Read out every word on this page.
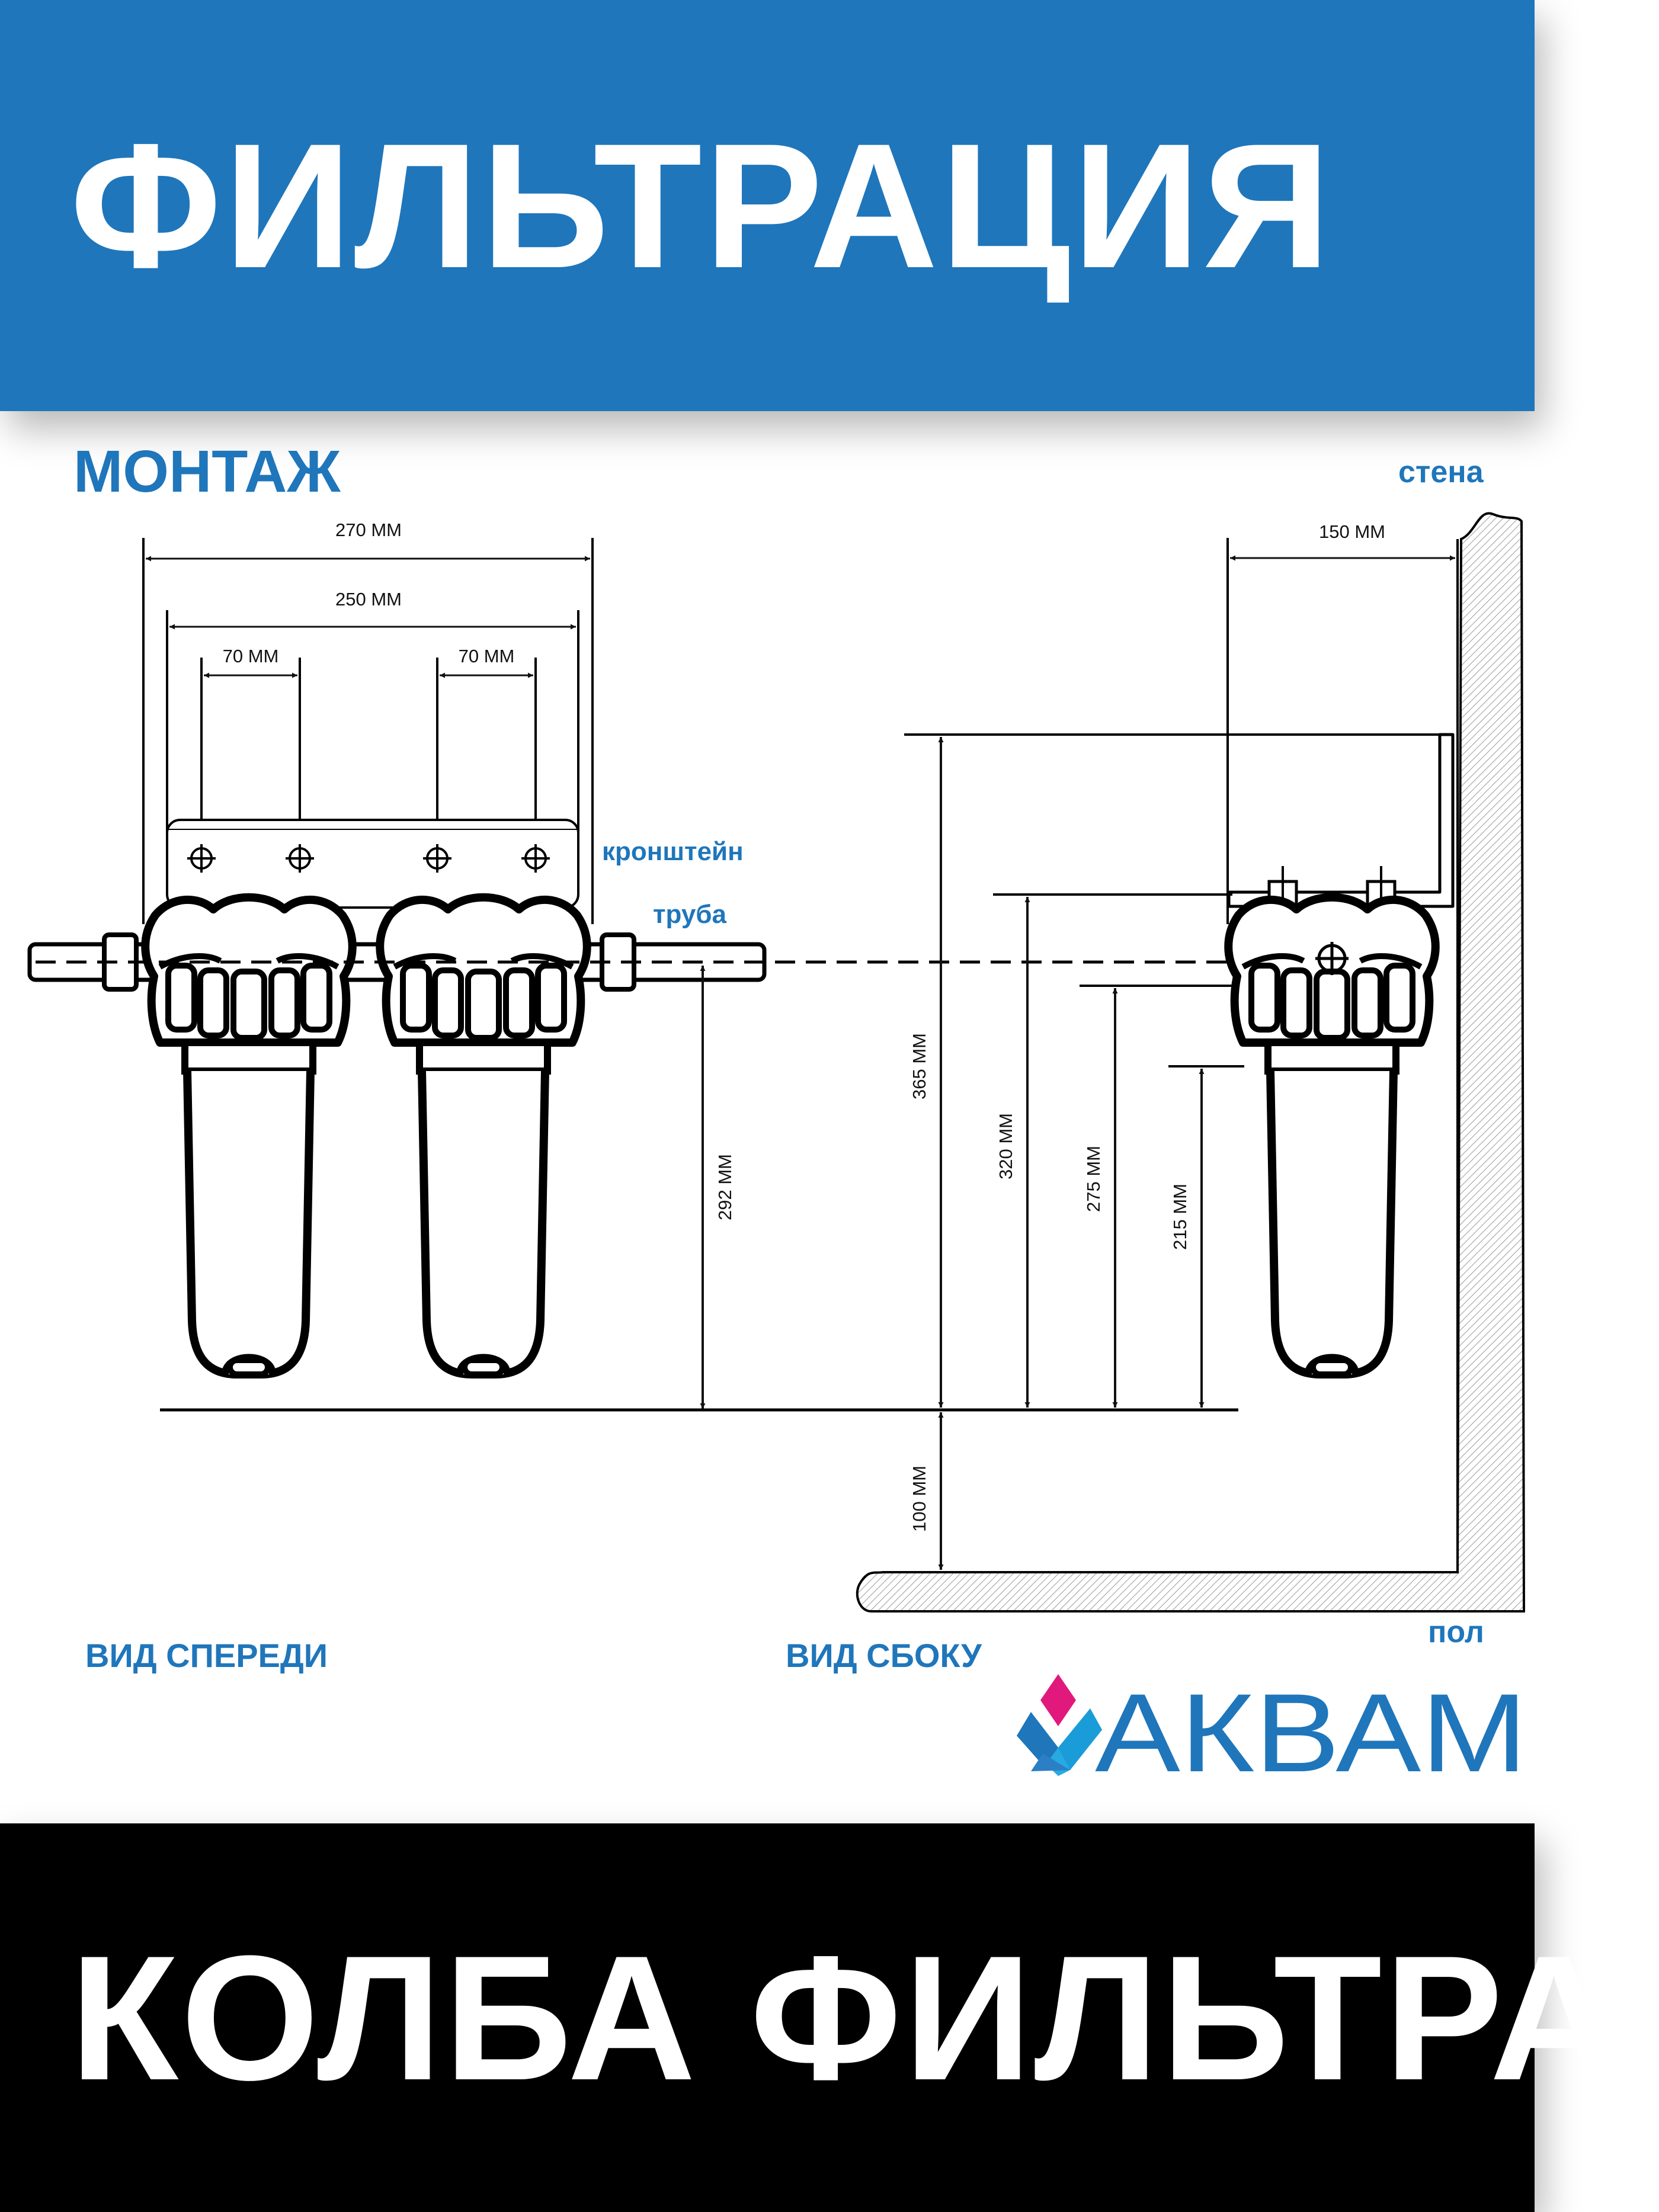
ФИЛЬТРАЦИЯ
270 ММ
250 ММ
70 ММ	70 ММ
292 ММ
150 ММ
365 ММ
320 ММ	275 ММ
215 ММ
100 ММ
МОНТАЖ	стена
кронштейн
труба
пол
ВИД СПЕРЕДИ	ВИД СБОКУ
АКВАМ
КОЛБА ФИЛЬТРА
